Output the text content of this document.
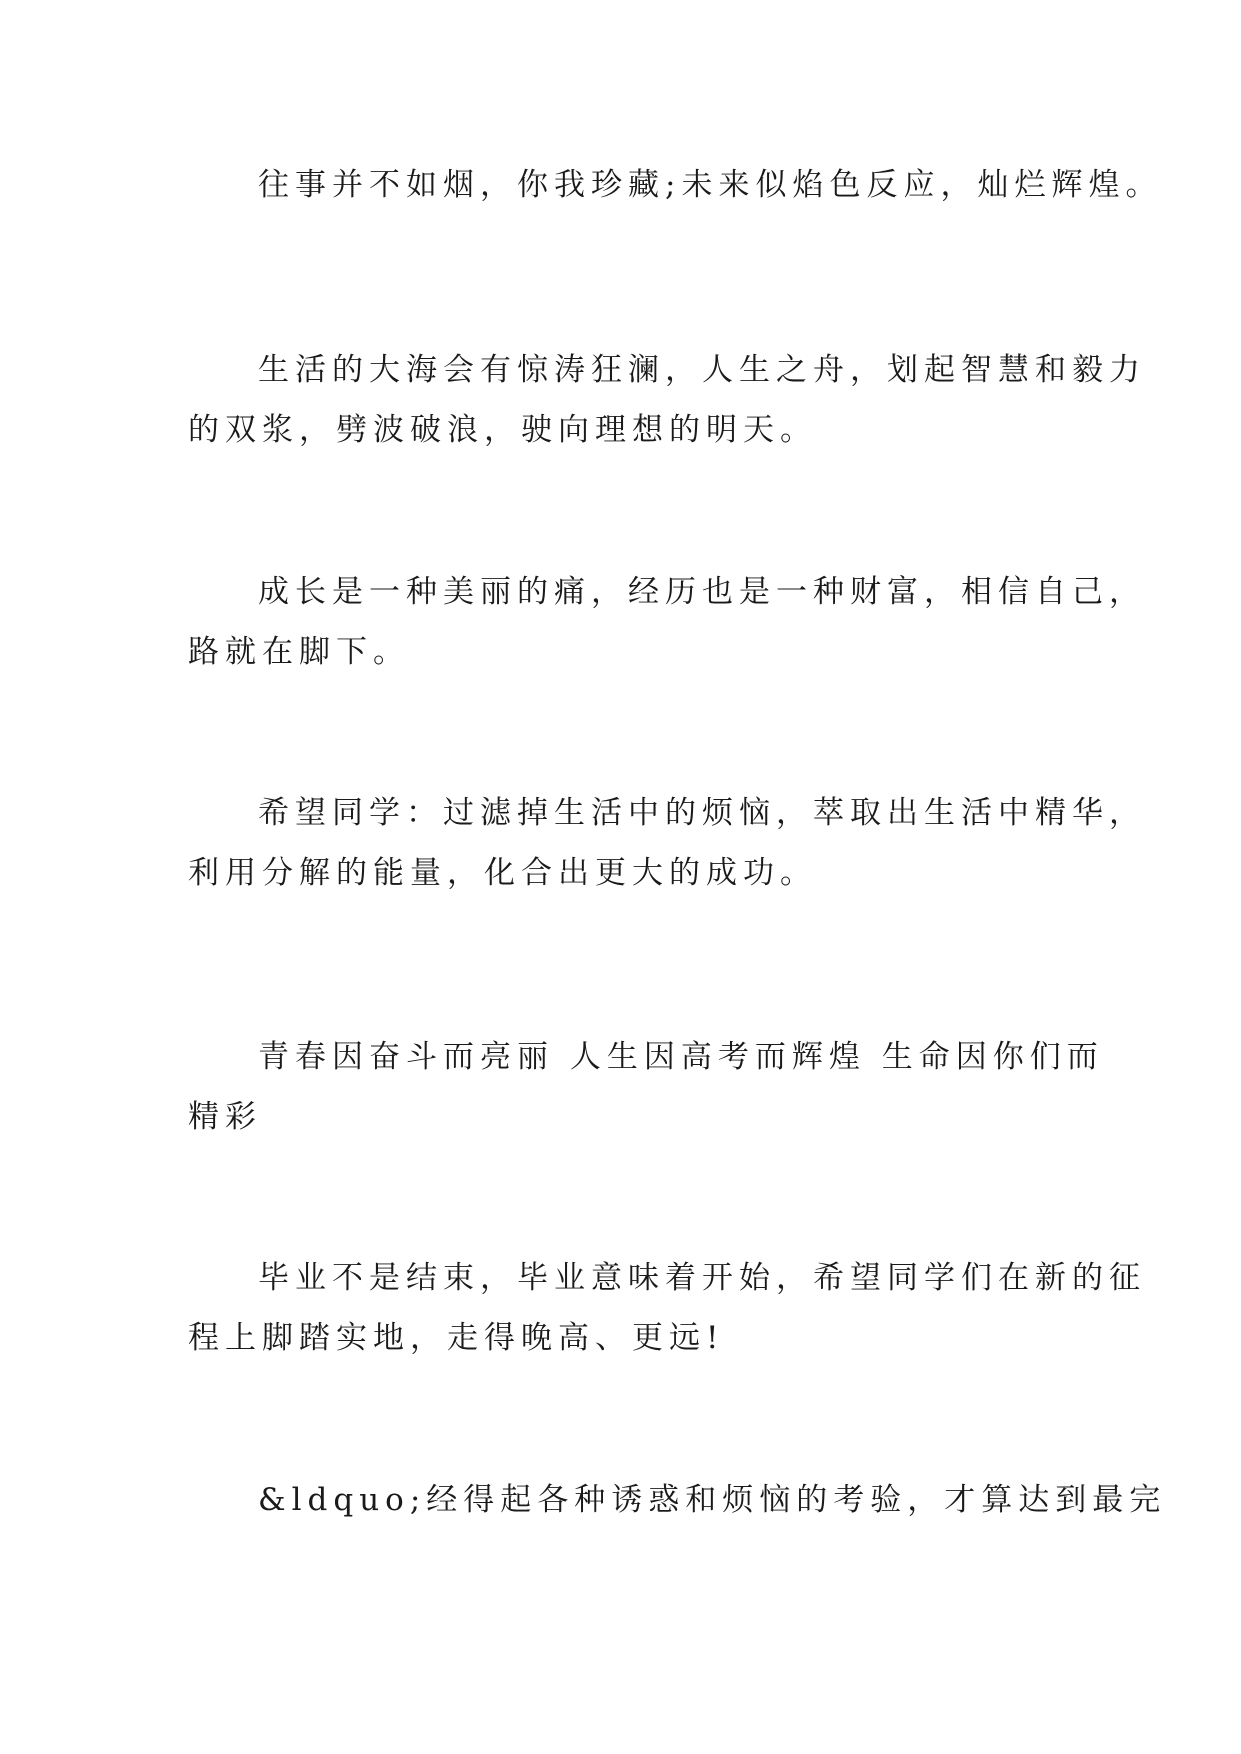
往事并不如烟，你我珍藏;未来似焰色反应，灿烂辉煌。

生活的大海会有惊涛狂澜，人生之舟，划起智慧和毅力
的双浆，劈波破浪，驶向理想的明天。

成长是一种美丽的痛，经历也是一种财富，相信自己，
路就在脚下。

希望同学：过滤掉生活中的烦恼，萃取出生活中精华，
利用分解的能量，化合出更大的成功。

青春因奋斗而亮丽 人生因高考而辉煌 生命因你们而
精彩

毕业不是结束，毕业意味着开始，希望同学们在新的征
程上脚踏实地，走得晚高、更远!

&ldquo;经得起各种诱惑和烦恼的考验，才算达到最完
